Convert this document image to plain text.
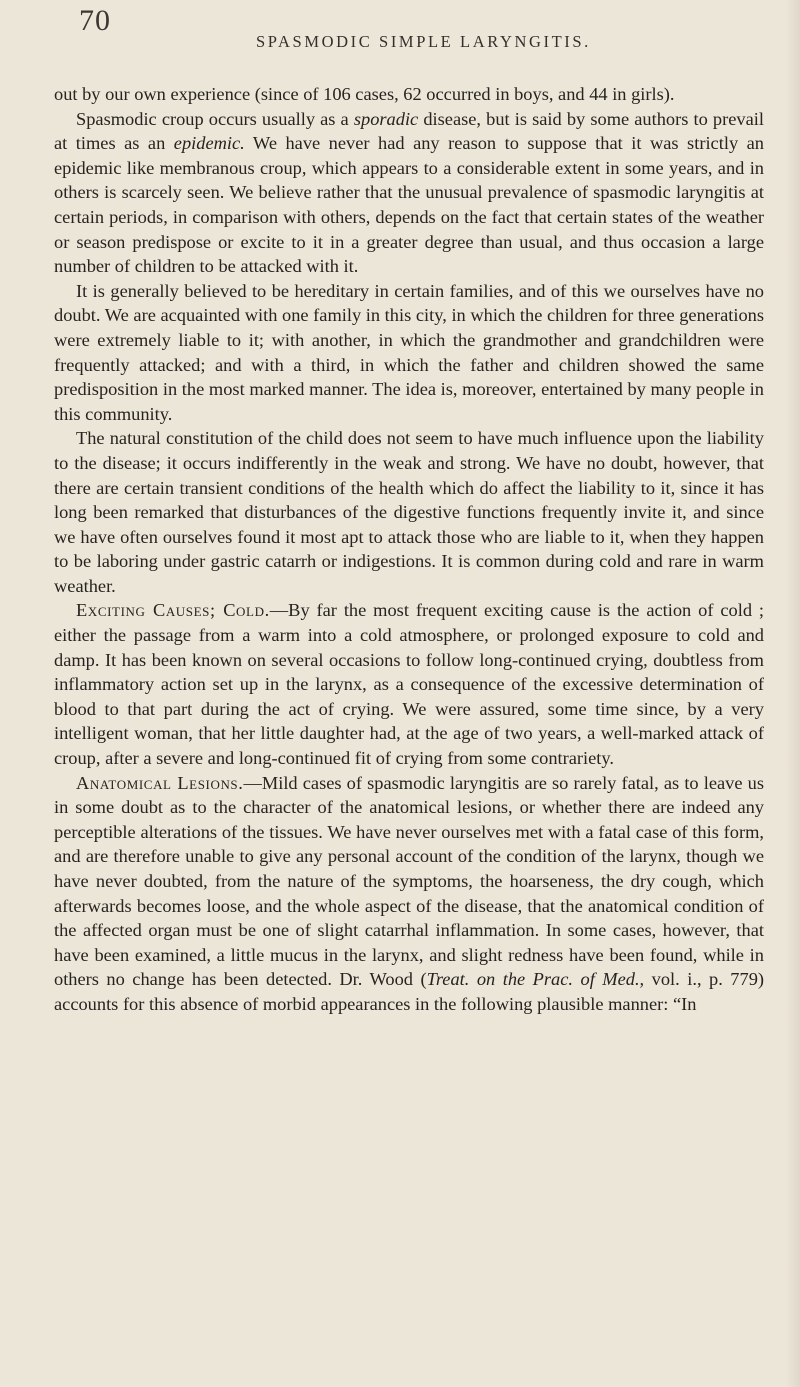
70
SPASMODIC SIMPLE LARYNGITIS.

out by our own experience (since of 106 cases, 62 occurred in boys, and 44 in girls).

Spasmodic croup occurs usually as a sporadic disease, but is said by some authors to prevail at times as an epidemic. We have never had any reason to suppose that it was strictly an epidemic like membranous croup, which appears to a considerable extent in some years, and in others is scarcely seen. We believe rather that the unusual prevalence of spasmodic laryngitis at certain periods, in comparison with others, depends on the fact that certain states of the weather or season predispose or excite to it in a greater degree than usual, and thus occasion a large number of children to be attacked with it.

It is generally believed to be hereditary in certain families, and of this we ourselves have no doubt. We are acquainted with one family in this city, in which the children for three generations were extremely liable to it; with another, in which the grandmother and grandchildren were frequently attacked; and with a third, in which the father and children showed the same predisposition in the most marked manner. The idea is, moreover, entertained by many people in this community.

The natural constitution of the child does not seem to have much influence upon the liability to the disease; it occurs indifferently in the weak and strong. We have no doubt, however, that there are certain transient conditions of the health which do affect the liability to it, since it has long been remarked that disturbances of the digestive functions frequently invite it, and since we have often ourselves found it most apt to attack those who are liable to it, when they happen to be laboring under gastric catarrh or indigestions. It is common during cold and rare in warm weather.

Exciting Causes; Cold.—By far the most frequent exciting cause is the action of cold ; either the passage from a warm into a cold atmosphere, or prolonged exposure to cold and damp. It has been known on several occasions to follow long-continued crying, doubtless from inflammatory action set up in the larynx, as a consequence of the excessive determination of blood to that part during the act of crying. We were assured, some time since, by a very intelligent woman, that her little daughter had, at the age of two years, a well-marked attack of croup, after a severe and long-continued fit of crying from some contrariety.

Anatomical Lesions.—Mild cases of spasmodic laryngitis are so rarely fatal, as to leave us in some doubt as to the character of the anatomical lesions, or whether there are indeed any perceptible alterations of the tissues. We have never ourselves met with a fatal case of this form, and are therefore unable to give any personal account of the condition of the larynx, though we have never doubted, from the nature of the symptoms, the hoarseness, the dry cough, which afterwards becomes loose, and the whole aspect of the disease, that the anatomical condition of the affected organ must be one of slight catarrhal inflammation. In some cases, however, that have been examined, a little mucus in the larynx, and slight redness have been found, while in others no change has been detected. Dr. Wood (Treat. on the Prac. of Med., vol. i., p. 779) accounts for this absence of morbid appearances in the following plausible manner: “In
